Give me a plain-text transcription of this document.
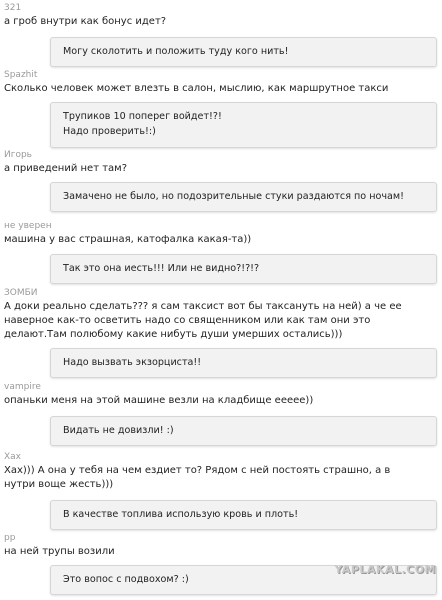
321
а гроб внутри как бонус идет?
Могу сколотить и положить туду кого нить!
Spazhit
Сколько человек может влезть в салон, мыслию, как маршрутное такси
Трупиков 10 поперег войдет!?!
Надо проверить!:)
Игорь
а приведений нет там?
Замачено не было, но подозрительные стуки раздаются по ночам!
не уверен
машина у вас страшная, катофалка какая-та))
Так это она иесть!!! Или не видно?!?!?
ЗОМБИ
А доки реально сделать??? я сам таксист вот бы таксануть на ней) а че ее
наверное как-то осветить надо со священником или как там они это
делают.Там полюбому какие нибуть души умерших остались)))
Надо вызвать экзорциста!!
vampire
опаньки меня на этой машине везли на кладбище ееееe))
Видать не довизли! :)
Хах
Хах))) А она у тебя на чем ездиет то? Рядом с ней постоять страшно, а в
нутри воще жесть)))
В качестве топлива использую кровь и плоть!
pp
на ней трупы возили
Это вопос с подвохом? :)
YAPLAKAL.COM
